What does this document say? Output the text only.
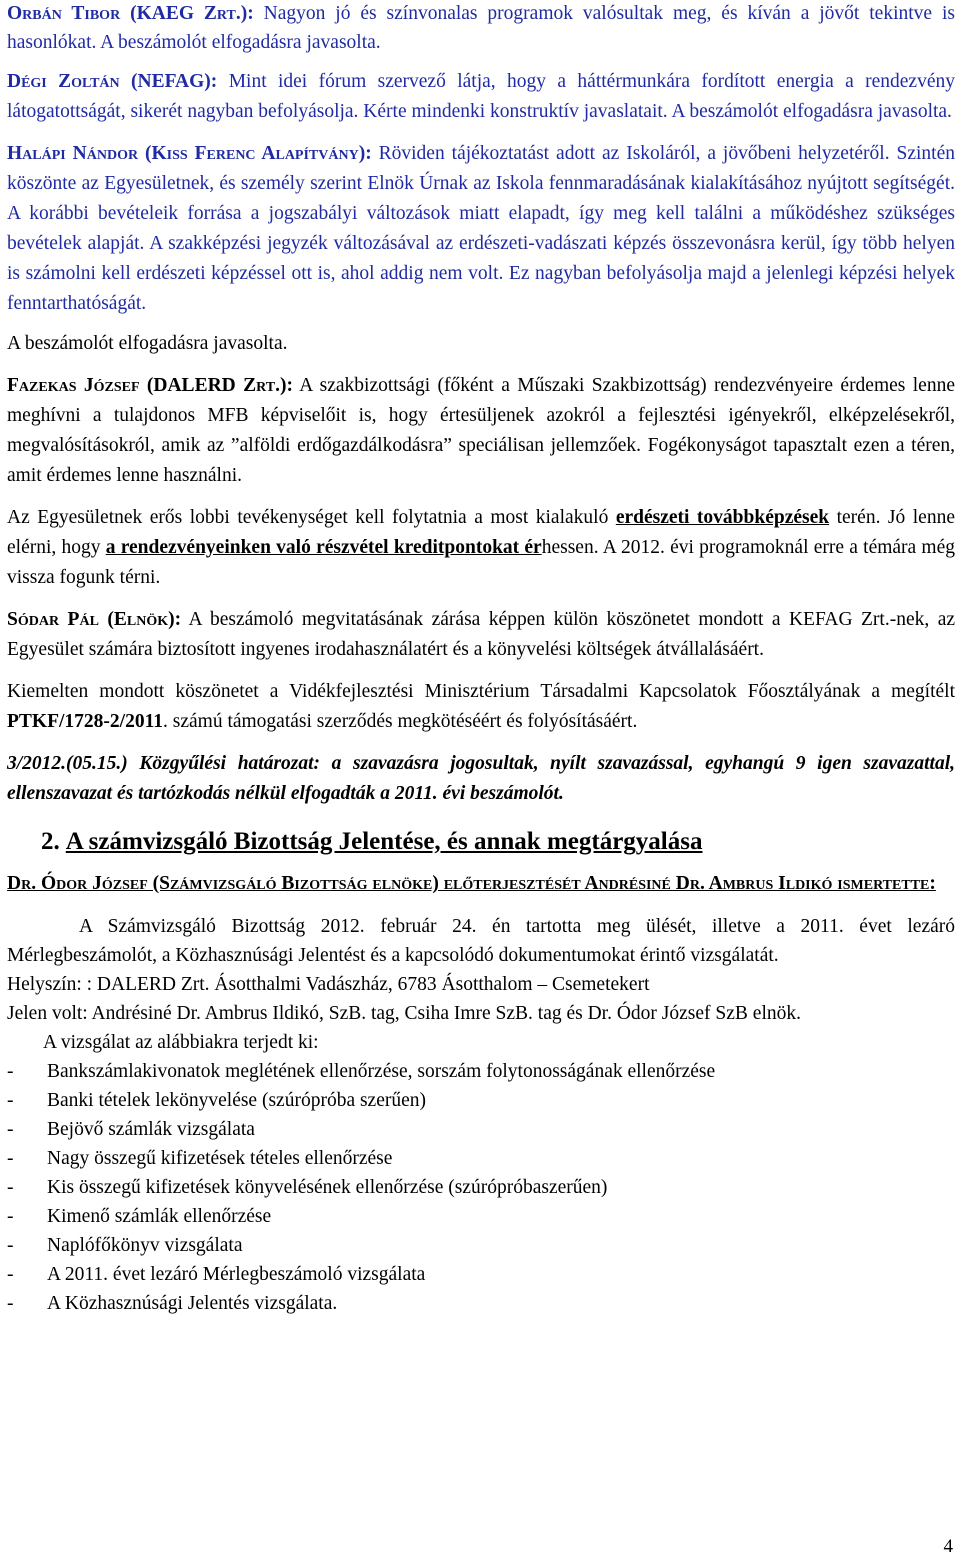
Orbán Tibor (KAEG Zrt.): Nagyon jó és színvonalas programok valósultak meg, és kíván a jövőt tekintve is hasonlókat. A beszámolót elfogadásra javasolta.

Dégi Zoltán (NEFAG): Mint idei fórum szervező látja, hogy a háttérmunkára fordított energia a rendezvény látogatottságát, sikerét nagyban befolyásolja. Kérte mindenki konstruktív javaslatait. A beszámolót elfogadásra javasolta.

Halápi Nándor (Kiss Ferenc Alapítvány): Röviden tájékoztatást adott az Iskoláról, a jövőbeni helyzetéről. Szintén köszönte az Egyesületnek, és személy szerint Elnök Úrnak az Iskola fennmaradásának kialakításához nyújtott segítségét. A korábbi bevételeik forrása a jogszabályi változások miatt elapadt, így meg kell találni a működéshez szükséges bevételek alapját. A szakképzési jegyzék változásával az erdészeti-vadászati képzés összevonásra kerül, így több helyen is számolni kell erdészeti képzéssel ott is, ahol addig nem volt. Ez nagyban befolyásolja majd a jelenlegi képzési helyek fenntarthatóságát.

A beszámolót elfogadásra javasolta.

Fazekas József (DALERD Zrt.): A szakbizottsági (főként a Műszaki Szakbizottság) rendezvényeire érdemes lenne meghívni a tulajdonos MFB képviselőit is, hogy értesüljenek azokról a fejlesztési igényekről, elképzelésekről, megvalósításokról, amik az ”alföldi erdőgazdálkodásra” speciálisan jellemzőek. Fogékonyságot tapasztalt ezen a téren, amit érdemes lenne használni.

Az Egyesületnek erős lobbi tevékenységet kell folytatnia a most kialakuló erdészeti továbbképzések terén. Jó lenne elérni, hogy a rendezvényeinken való részvétel kreditpontokat érhessen. A 2012. évi programoknál erre a témára még vissza fogunk térni.

Sódar Pál (Elnök): A beszámoló megvitatásának zárása képpen külön köszönetet mondott a KEFAG Zrt.-nek, az Egyesület számára biztosított ingyenes irodahasználatért és a könyvelési költségek átvállalásáért.

Kiemelten mondott köszönetet a Vidékfejlesztési Minisztérium Társadalmi Kapcsolatok Főosztályának a megítélt PTKF/1728-2/2011. számú támogatási szerződés megkötéséért és folyósításáért.

3/2012.(05.15.) Közgyűlési határozat: a szavazásra jogosultak, nyílt szavazással, egyhangú 9 igen szavazattal, ellenszavazat és tartózkodás nélkül elfogadták a 2011. évi beszámolót.

2. A számvizsgáló Bizottság Jelentése, és annak megtárgyalása

Dr. Ódor József (Számvizsgáló Bizottság elnöke) előterjesztését Andrésiné Dr. Ambrus Ildikó ismertette:

A Számvizsgáló Bizottság 2012. február 24. én tartotta meg ülését, illetve a 2011. évet lezáró Mérlegbeszámolót, a Közhasznúsági Jelentést és a kapcsolódó dokumentumokat érintő vizsgálatát.

Helyszín: : DALERD Zrt. Ásotthalmi Vadászház, 6783 Ásotthalom – Csemetekert

Jelen volt: Andrésiné Dr. Ambrus Ildikó, SzB. tag, Csiha Imre SzB. tag és Dr. Ódor József SzB elnök.

A vizsgálat az alábbiakra terjedt ki:

-	Bankszámlakivonatok meglétének ellenőrzése, sorszám folytonosságának ellenőrzése
-	Banki tételek lekönyvelése (szúrópróba szerűen)
-	Bejövő számlák vizsgálata
-	Nagy összegű kifizetések tételes ellenőrzése
-	Kis összegű kifizetések könyvelésének ellenőrzése (szúrópróbaszerűen)
-	Kimenő számlák ellenőrzése
-	Naplófőkönyv vizsgálata
-	A 2011. évet lezáró Mérlegbeszámoló vizsgálata
-	A Közhasznúsági Jelentés vizsgálata.
4
